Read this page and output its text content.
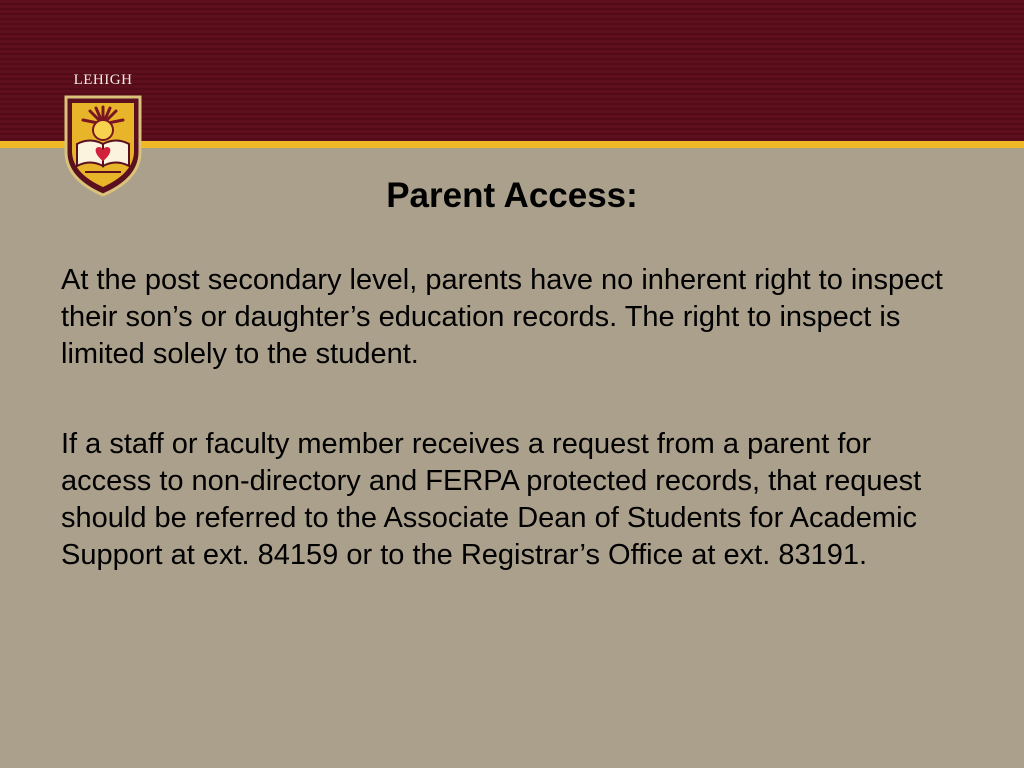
LEHIGH
Parent Access:

At the post secondary level, parents have no inherent right to inspect their son’s or daughter’s education records. The right to inspect is limited solely to the student.

If a staff or faculty member receives a request from a parent for access to non-directory and FERPA protected records, that request should be referred to the Associate Dean of Students for Academic Support at ext. 84159 or to the Registrar’s Office at ext. 83191.
